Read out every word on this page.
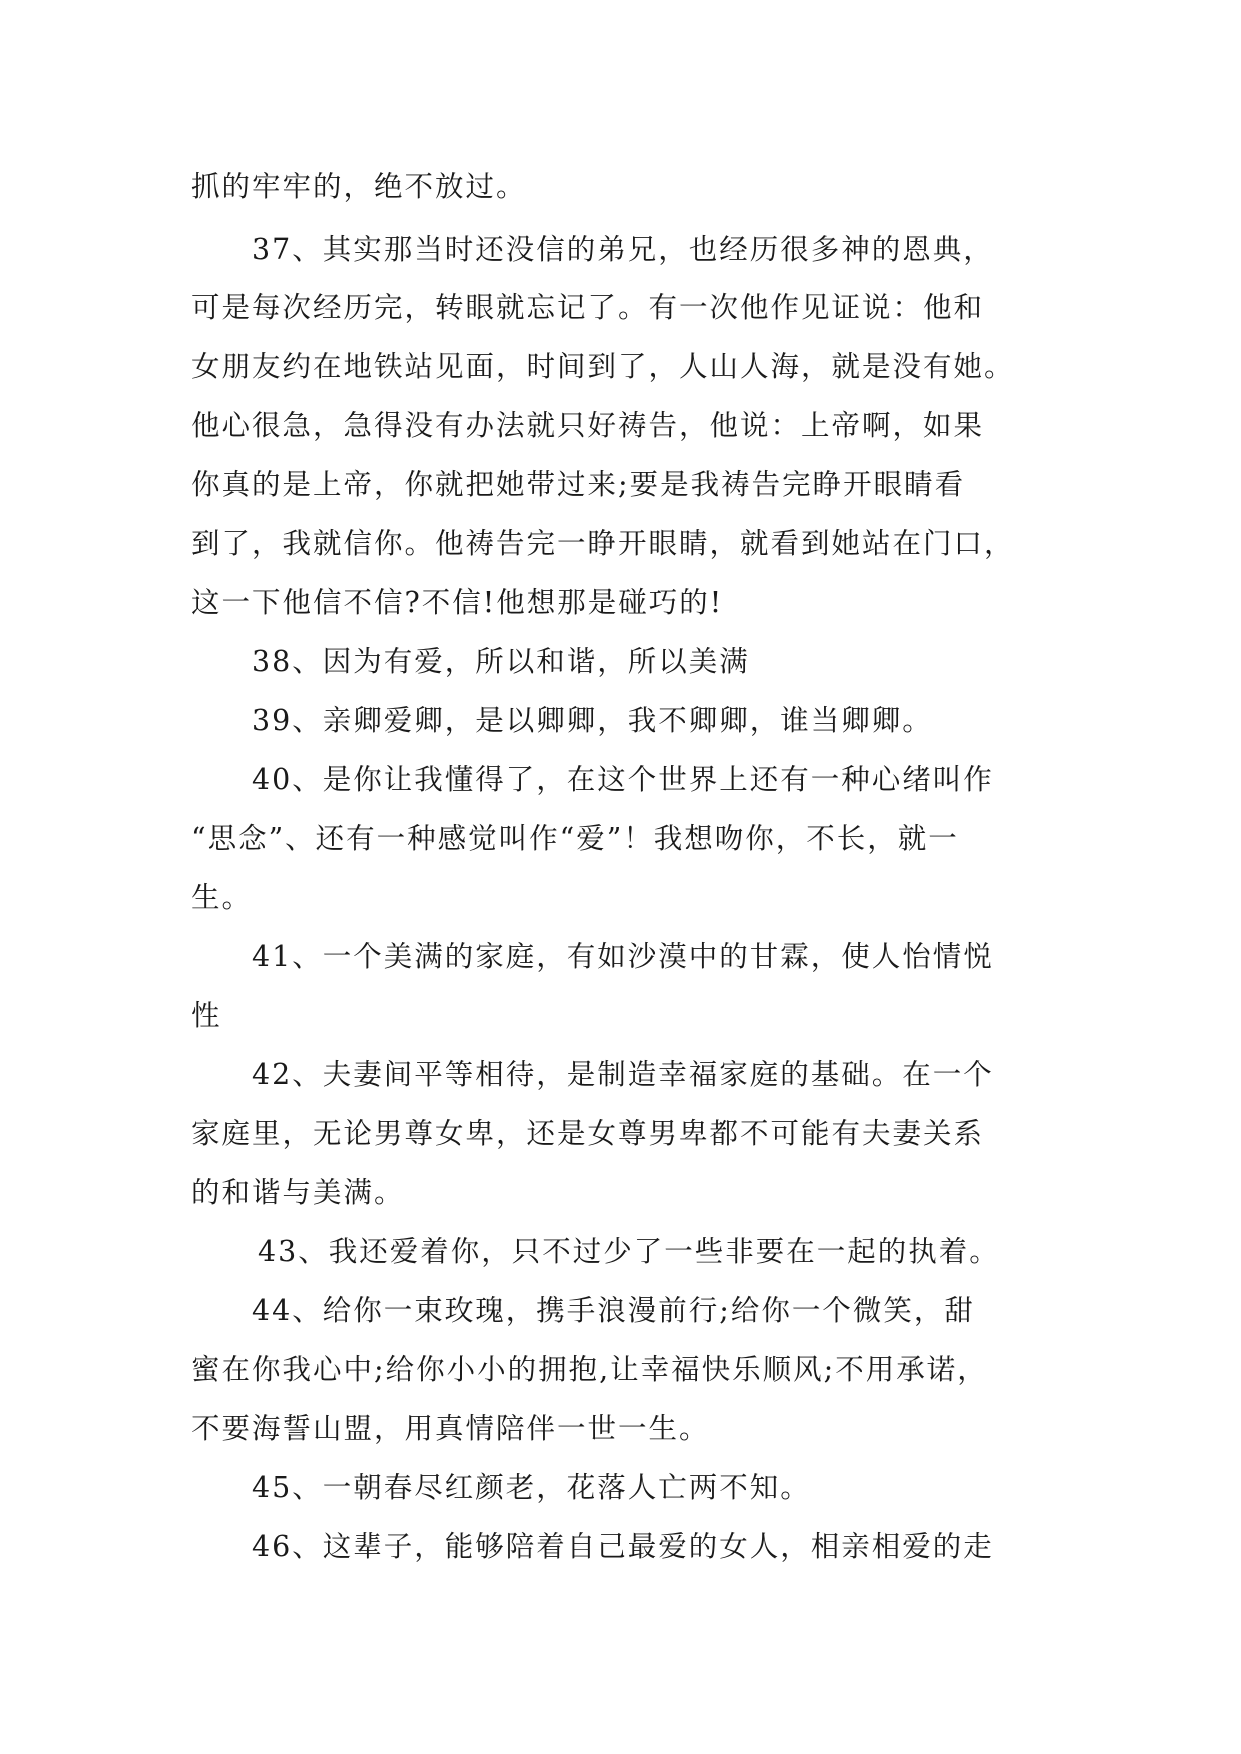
抓的牢牢的，绝不放过。
37、其实那当时还没信的弟兄，也经历很多神的恩典，
可是每次经历完，转眼就忘记了。有一次他作见证说：他和
女朋友约在地铁站见面，时间到了，人山人海，就是没有她。
他心很急，急得没有办法就只好祷告，他说：上帝啊，如果
你真的是上帝，你就把她带过来;要是我祷告完睁开眼睛看
到了，我就信你。他祷告完一睁开眼睛，就看到她站在门口，
这一下他信不信?不信!他想那是碰巧的!
38、因为有爱，所以和谐，所以美满
39、亲卿爱卿，是以卿卿，我不卿卿，谁当卿卿。
40、是你让我懂得了，在这个世界上还有一种心绪叫作
“思念”、还有一种感觉叫作“爱”！我想吻你，不长，就一
生。
41、一个美满的家庭，有如沙漠中的甘霖，使人怡情悦
性
42、夫妻间平等相待，是制造幸福家庭的基础。在一个
家庭里，无论男尊女卑，还是女尊男卑都不可能有夫妻关系
的和谐与美满。
43、我还爱着你，只不过少了一些非要在一起的执着。
44、给你一束玫瑰，携手浪漫前行;给你一个微笑，甜
蜜在你我心中;给你小小的拥抱,让幸福快乐顺风;不用承诺，
不要海誓山盟，用真情陪伴一世一生。
45、一朝春尽红颜老，花落人亡两不知。
46、这辈子，能够陪着自己最爱的女人，相亲相爱的走
